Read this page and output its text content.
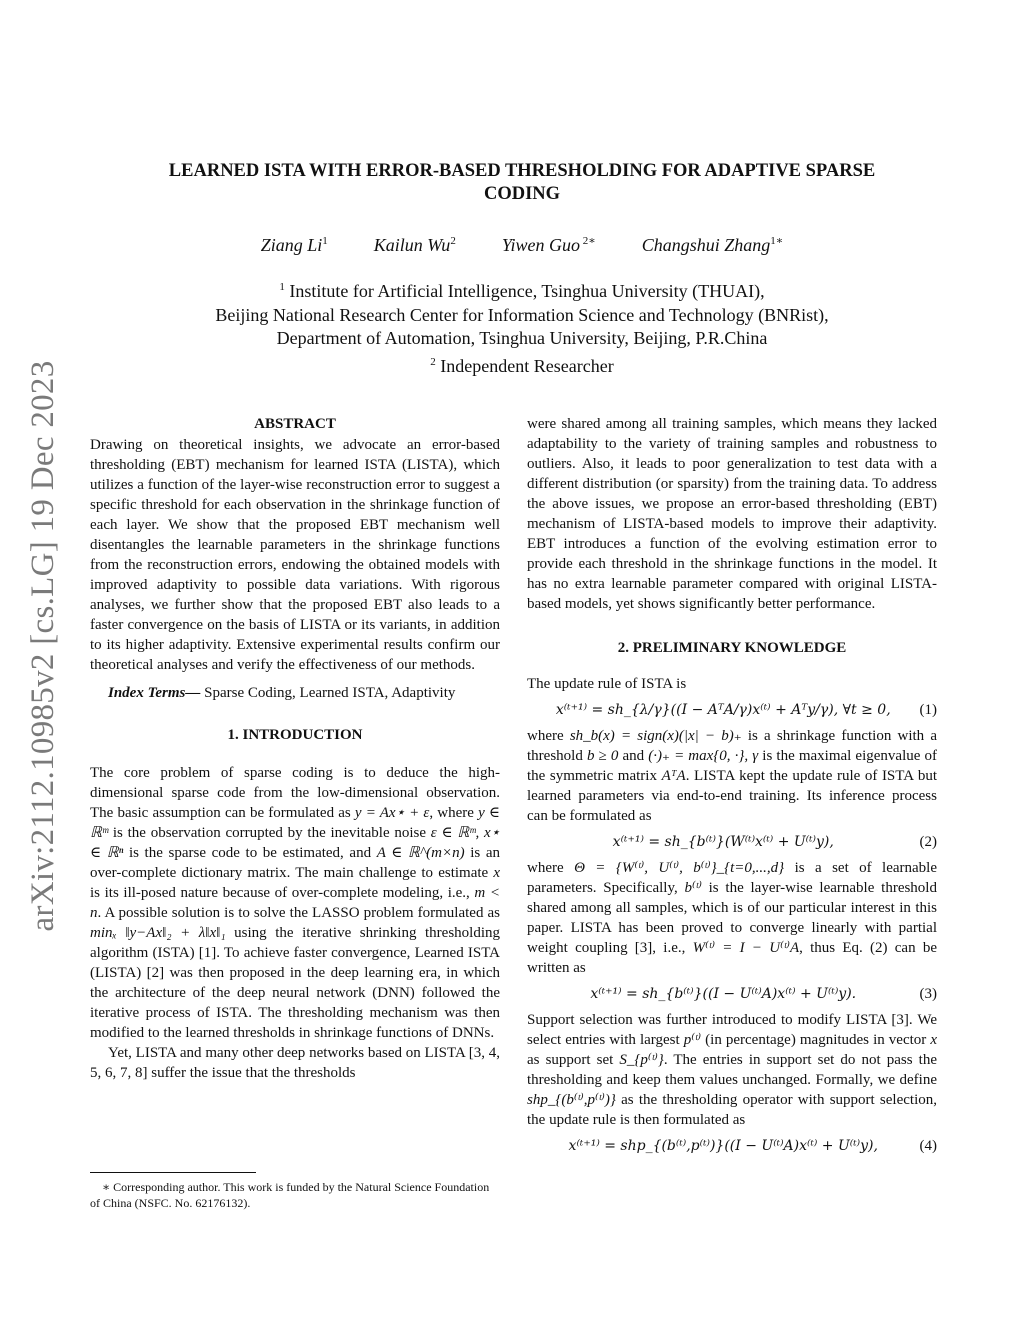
arXiv:2112.10985v2 [cs.LG] 19 Dec 2023
LEARNED ISTA WITH ERROR-BASED THRESHOLDING FOR ADAPTIVE SPARSE
CODING
Ziang Li$^1$	Kailun Wu$^2$	Yiwen Guo $^{2∗}$	Changshui Zhang$^{1∗}$
$^1$ Institute for Artificial Intelligence, Tsinghua University (THUAI),
Beijing National Research Center for Information Science and Technology (BNRist),
Department of Automation, Tsinghua University, Beijing, P.R.China
$^2$ Independent Researcher
ABSTRACT

Drawing on theoretical insights, we advocate an error-based thresholding (EBT) mechanism for learned ISTA (LISTA), which utilizes a function of the layer-wise reconstruction error to suggest a specific threshold for each observation in the shrinkage function of each layer. We show that the proposed EBT mechanism well disentangles the learnable parameters in the shrinkage functions from the reconstruction errors, endowing the obtained models with improved adaptivity to possible data variations. With rigorous analyses, we further show that the proposed EBT also leads to a faster convergence on the basis of LISTA or its variants, in addition to its higher adaptivity. Extensive experimental results confirm our theoretical analyses and verify the effectiveness of our methods.

Index Terms— Sparse Coding, Learned ISTA, Adaptivity

1. INTRODUCTION

The core problem of sparse coding is to deduce the high-dimensional sparse code from the low-dimensional observation. The basic assumption can be formulated as y = Ax⋆ + ε, where y ∈ ℝᵐ is the observation corrupted by the inevitable noise ε ∈ ℝᵐ, x⋆ ∈ ℝⁿ is the sparse code to be estimated, and A ∈ ℝ^(m×n) is an over-complete dictionary matrix. The main challenge to estimate x is its ill-posed nature because of over-complete modeling, i.e., m < n. A possible solution is to solve the LASSO problem formulated as minₓ ‖y−Ax‖₂ + λ‖x‖₁ using the iterative shrinking thresholding algorithm (ISTA) [1]. To achieve faster convergence, Learned ISTA (LISTA) [2] was then proposed in the deep learning era, in which the architecture of the deep neural network (DNN) followed the iterative process of ISTA. The thresholding mechanism was then modified to the learned thresholds in shrinkage functions of DNNs.

Yet, LISTA and many other deep networks based on LISTA [3, 4, 5, 6, 7, 8] suffer the issue that the thresholds

∗ Corresponding author. This work is funded by the Natural Science Foundation of China (NSFC. No. 62176132).

were shared among all training samples, which means they lacked adaptability to the variety of training samples and robustness to outliers. Also, it leads to poor generalization to test data with a different distribution (or sparsity) from the training data. To address the above issues, we propose an error-based thresholding (EBT) mechanism of LISTA-based models to improve their adaptivity. EBT introduces a function of the evolving estimation error to provide each threshold in the shrinkage functions in the model. It has no extra learnable parameter compared with original LISTA-based models, yet shows significantly better performance.

2. PRELIMINARY KNOWLEDGE

The update rule of ISTA is

x⁽ᵗ⁺¹⁾ = sh_{λ/γ}((I − AᵀA/γ)x⁽ᵗ⁾ + Aᵀy/γ), ∀t ≥ 0,	(1)

where sh_b(x) = sign(x)(|x| − b)₊ is a shrinkage function with a threshold b ≥ 0 and (·)₊ = max{0, ·}, γ is the maximal eigenvalue of the symmetric matrix AᵀA. LISTA kept the update rule of ISTA but learned parameters via end-to-end training. Its inference process can be formulated as

x⁽ᵗ⁺¹⁾ = sh_{b⁽ᵗ⁾}(W⁽ᵗ⁾x⁽ᵗ⁾ + U⁽ᵗ⁾y),	(2)

where Θ = {W⁽ᵗ⁾, U⁽ᵗ⁾, b⁽ᵗ⁾}_{t=0,...,d} is a set of learnable parameters. Specifically, b⁽ᵗ⁾ is the layer-wise learnable threshold shared among all samples, which is of our particular interest in this paper. LISTA has been proved to converge linearly with partial weight coupling [3], i.e., W⁽ᵗ⁾ = I − U⁽ᵗ⁾A, thus Eq. (2) can be written as

x⁽ᵗ⁺¹⁾ = sh_{b⁽ᵗ⁾}((I − U⁽ᵗ⁾A)x⁽ᵗ⁾ + U⁽ᵗ⁾y).	(3)

Support selection was further introduced to modify LISTA [3]. We select entries with largest p⁽ᵗ⁾ (in percentage) magnitudes in vector x as support set S_{p⁽ᵗ⁾}. The entries in support set do not pass the thresholding and keep them values unchanged. Formally, we define shp_{(b⁽ᵗ⁾,p⁽ᵗ⁾)} as the thresholding operator with support selection, the update rule is then formulated as

x⁽ᵗ⁺¹⁾ = shp_{(b⁽ᵗ⁾,p⁽ᵗ⁾)}((I − U⁽ᵗ⁾A)x⁽ᵗ⁾ + U⁽ᵗ⁾y),	(4)
